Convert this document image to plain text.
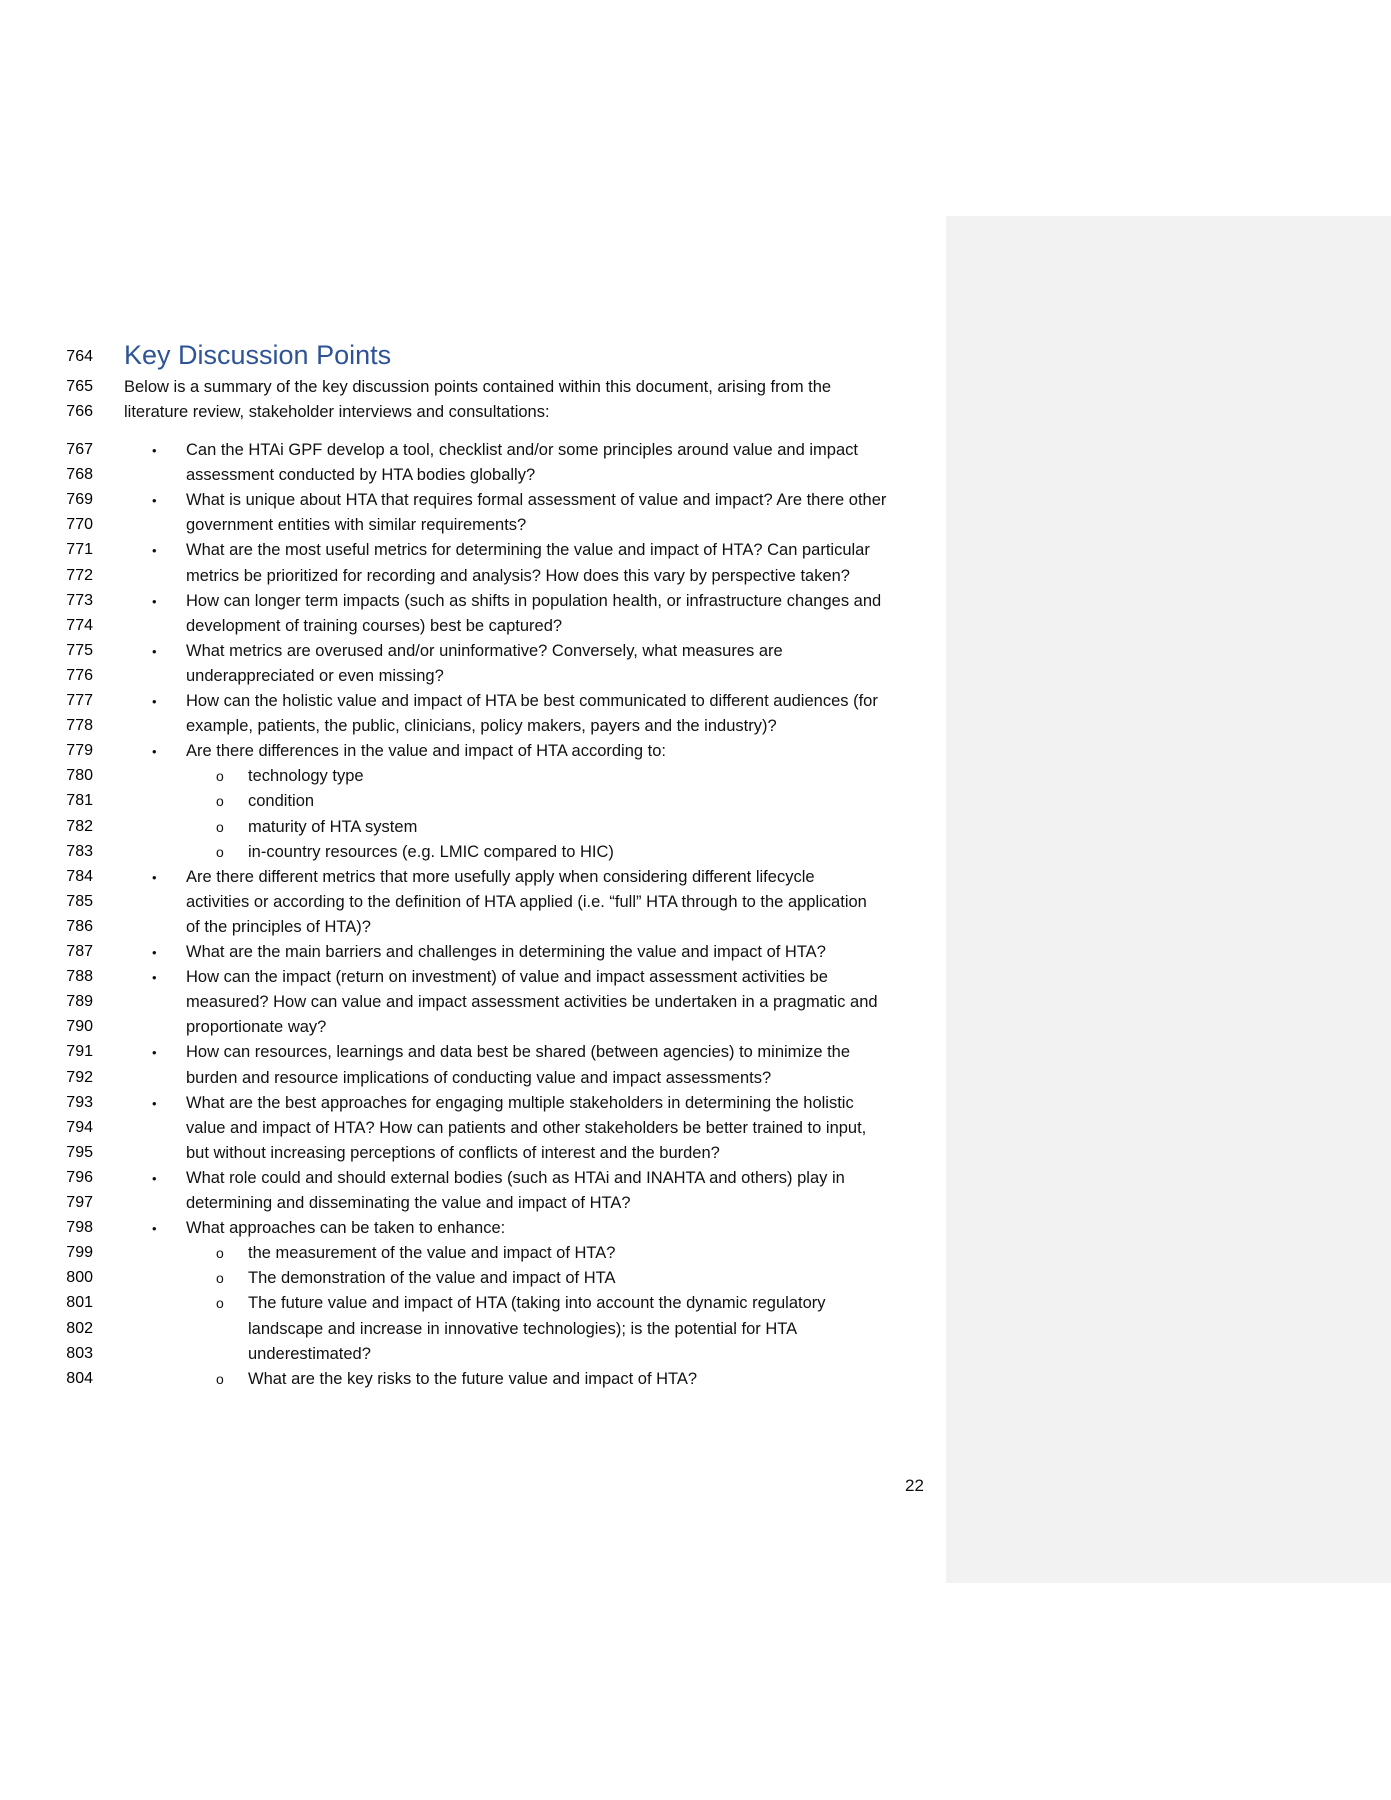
Key Discussion Points
22
764
765 Below is a summary of the key discussion points contained within this document, arising from the
766 literature review, stakeholder interviews and consultations:
767	• Can the HTAi GPF develop a tool, checklist and/or some principles around value and impact
768	assessment conducted by HTA bodies globally?
769	• What is unique about HTA that requires formal assessment of value and impact? Are there other
770	government entities with similar requirements?
771	• What are the most useful metrics for determining the value and impact of HTA? Can particular
772	metrics be prioritized for recording and analysis? How does this vary by perspective taken?
773	• How can longer term impacts (such as shifts in population health, or infrastructure changes and
774	development of training courses) best be captured?
775	• What metrics are overused and/or uninformative? Conversely, what measures are
776	underappreciated or even missing?
777	• How can the holistic value and impact of HTA be best communicated to different audiences (for
778	example, patients, the public, clinicians, policy makers, payers and the industry)?
779	• Are there differences in the value and impact of HTA according to:
780	o technology type
781	o condition
782	o maturity of HTA system
783	o in-country resources (e.g. LMIC compared to HIC)
784	• Are there different metrics that more usefully apply when considering different lifecycle
785	activities or according to the definition of HTA applied (i.e. “full” HTA through to the application
786	of the principles of HTA)?
787	• What are the main barriers and challenges in determining the value and impact of HTA?
788	• How can the impact (return on investment) of value and impact assessment activities be
789	measured? How can value and impact assessment activities be undertaken in a pragmatic and
790	proportionate way?
791	• How can resources, learnings and data best be shared (between agencies) to minimize the
792	burden and resource implications of conducting value and impact assessments?
793	• What are the best approaches for engaging multiple stakeholders in determining the holistic
794	value and impact of HTA? How can patients and other stakeholders be better trained to input,
795	but without increasing perceptions of conflicts of interest and the burden?
796	• What role could and should external bodies (such as HTAi and INAHTA and others) play in
797	determining and disseminating the value and impact of HTA?
798	• What approaches can be taken to enhance:
799	o the measurement of the value and impact of HTA?
800	o The demonstration of the value and impact of HTA
801	o The future value and impact of HTA (taking into account the dynamic regulatory
802	landscape and increase in innovative technologies); is the potential for HTA
803	underestimated?
804	o What are the key risks to the future value and impact of HTA?
